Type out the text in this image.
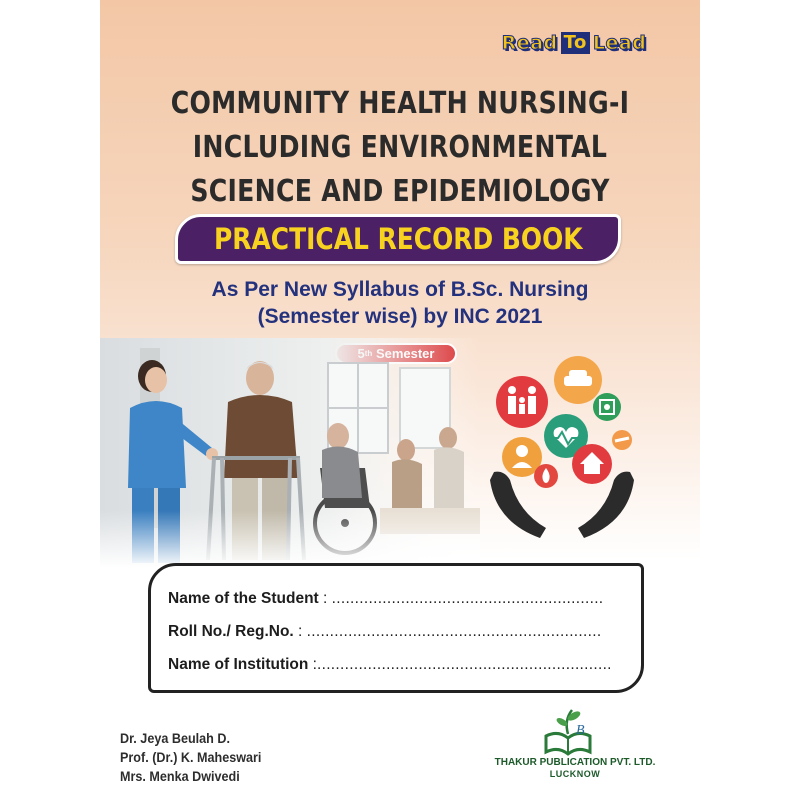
Read To Lead
COMMUNITY HEALTH NURSING-I
INCLUDING ENVIRONMENTAL
SCIENCE AND EPIDEMIOLOGY
PRACTICAL RECORD BOOK
As Per New Syllabus of B.Sc. Nursing
(Semester wise) by INC 2021

Name of the Student : ...........................................................
Roll No./ Reg.No. : ................................................................
Name of Institution :................................................................
Dr. Jeya Beulah D.
Prof. (Dr.) K. Maheswari
Mrs. Menka Dwivedi
B
THAKUR PUBLICATION PVT. LTD.
LUCKNOW
